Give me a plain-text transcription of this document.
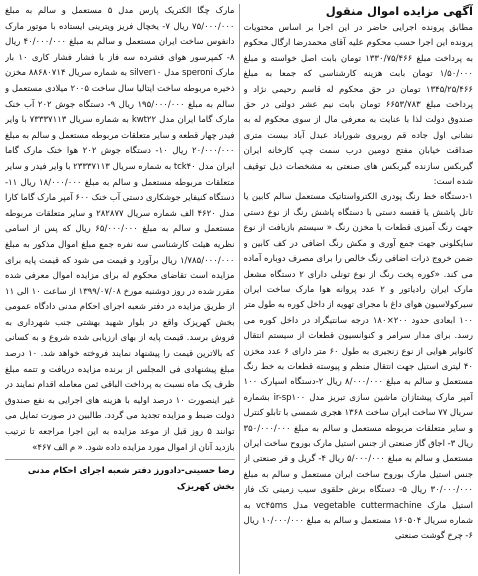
آگهی مزایده اموال منقول

مطابق پرونده اجرایی حاضر در این اجرا بر اساس محتویات پرونده این اجرا حسب محکوم علیه آقای محمدرضا ارگال محکوم به پرداخت مبلغ ۱۳۳۰/۷۵/۴۶۶ تومان بابت اصل خواسته و مبلغ ۱/۵۰/۰۰۰ تومان بابت هزینه کارشناسی که جمعا به مبلغ ۱۳۴۵/۲۵/۴۶۶ تومان در حق محکوم له قاسم رحیمی نژاد و پرداخت مبلغ ۶۶۵۳/۷۸۳ تومان بابت نیم عشر دولتی در حق صندوق دولت لذا با عنایت به معرفی مال از سوی محکوم له به نشانی اول جاده قم روبروی شوراباد عبدل آباد بیست متری صداقت خیابان مفتح دومین درب سمت چپ کارخانه ایران گیربکس سازنده گیربکس های صنعتی به مشخصات ذیل توقیف شده است:

۱-دستگاه خط رنگ پودری الکترواستاتیک مستعمل سالم کابین یا تانل پاشش یا قفسه دستی با دستگاه پاشش رنگ از نوع دستی جهت رنگ آمیزی قطعات با مخزن رنگ « سیستم بازیافت از نوع سایکلونی جهت جمع آوری و مکش رنگ اضافی در کف کابین و ضمن خروج ذرات اضافی رنگ خالص را برای مصرف دوباره آماده می کند. «کوره پخت رنگ از نوع تونلی دارای ۲ دستگاه مشعل مارک ایران رادیاتور و ۲ عدد پروانه هوا مارک ساخت ایران سیرکولاسیون هوای داغ با مجرای تهویه از داخل کوره به طول متر ۱۰۰ ابعادی حدود ۲۰۰×۱۸۰ درجه سانتیگراد در داخل کوره می رسد. برای مدار سرامر و کنوانسیون قطعات از سیستم انتقال کانوایر هوایی از نوع زنجیری به طول ۶۰ متر دارای ۶ عدد مخزن ۴۰ لیتری استیل جهت انتقال منظم و پیوسته قطعات به خط رنگ مستعمل و سالم به مبلغ ۸/۰۰۰/۰۰۰ ریال ۲-دستگاه اسپارک ۱۰۰ آمپر مارک پیشتازان ماشین سازی تبریز مدل ir-sp۱۰۰ بشماره سریال ۷۷ ساخت ایران ساخت ۱۳۶۸ هجری شمسی با تابلو کنترل و سایر متعلقات مربوطه مستعمل و سالم به مبلغ ۳۵۰/۰۰۰/۰۰۰ ریال ۳- اجاق گاز صنعتی از جنس استیل مارک بوروح ساخت ایران مستعمل و سالم به مبلغ ۵/۰۰۰/۰۰۰ ریال ۴- گریل و فر صنعتی از جنس استیل مارک بوروح ساخت ایران مستعمل و سالم به مبلغ ۳۰/۰۰۰/۰۰۰ ریال ۵- دستگاه برش حلقوی سیب زمینی تک فاز استیل مارک vegetable cuttermachine مدل vc۴۵ms به شماره سریال ۱۶۰۵۰۴ مستعمل و سالم به مبلغ ۱۰/۰۰۰/۰۰۰ ریال ۶- چرخ گوشت صنعتی

مارک چگا الکتریک پارس مدل ۵ مستعمل و سالم به مبلغ ۷۵/۰۰۰/۰۰۰ ریال ۷- یخچال فریز ویترینی ایستاده با موتور مارک دانفوس ساخت ایران مستعمل و سالم به مبلغ ۴۰/۰۰۰/۰۰۰ ریال ۸- کمپرسور هوای فشرده سه فاز با فشار فشار کاری ۱۰ بار مارک speroni مدل silver۱۰ به شماره سریال ۸۸۶۸۰۷۱۴ مخزن ذخیره مربوطه ساخت ایتالیا سال ساخت ۲۰۰۵ میلادی مستعمل و سالم به مبلغ ۱۹۵/۰۰۰/۰۰۰ ریال ۹- دستگاه جوش ۲۰۲ آب خنک مارک گاما ایران مدل kwt۲۲ به شماره سریال ۷۳۳۳۷۱۱۳ با وایر فیدر چهار قطعه و سایر متعلقات مربوطه مستعمل و سالم به مبلغ ۲۰/۰۰۰/۰۰۰ ریال ۱۰- دستگاه جوش ۲۰۲ هوا خنک مارک گاما ایران مدل tck۴۰ به شماره سریال ۲۳۳۳۷۱۱۳ با وایر فیدر و سایر متعلقات مربوطه مستعمل و سالم به مبلغ ۱۸/۰۰۰/۰۰۰ ریال ۱۱- دستگاه کنیفایر جوشکاری دستی آب خنک ۶۰۰ آمپر مارک گاما کارا مدل ۴۶۲۰ الف شماره سریال ۲۸۲۸۷۷ و سایر متعلقات مربوطه مستعمل و سالم به مبلغ ۶۵/۰۰۰/۰۰۰ ریال که پس از اسامی نظریه هیئت کارشناسی سه نفره جمع مبلغ اموال مذکور به مبلغ ۱/۷۸۵/۰۰۰/۰۰۰ ریال برآورد و قیمت می شود که قیمت پایه برای مزایده است تقاضای محکوم له برای مزایده اموال معرفی شده مقرر شده در روز دوشنبه مورخ ۱۳۹۹/۰۷/۰۸ از ساعت ۱۰ الی ۱۱ از طریق مزایده در دفتر شعبه اجرای احکام مدنی دادگاه عمومی بخش کهریزک واقع در بلوار شهید بهشتی جنب شهرداری به فروش برسد. قیمت پایه از بهای ارزیابی شده شروع و به کسانی که بالاترین قیمت را پیشنهاد نمایند فروخته خواهد شد. ۱۰ درصد مبلغ پیشنهادی فی المجلس از برنده مزایده دریافت و تتمه مبلغ ظرف یک ماه نسبت به پرداخت الباقی ثمن معامله اقدام نمایند در غیر اینصورت ۱۰ درصد اولیه با هزینه های اجرایی به نفع صندوق دولت ضبط و مزایده تجدید می گردد. طالبین در صورت تمایل می توانند ۵ روز قبل از موعد مزایده به این اجرا مراجعه تا ترتیب بازدید آنان از اموال مورد مزایده داده شود. « م الف ۴۶۷»

رضا حسینی-دادورز دفتر شعبه اجرای احکام مدنی بخش کهریزک
